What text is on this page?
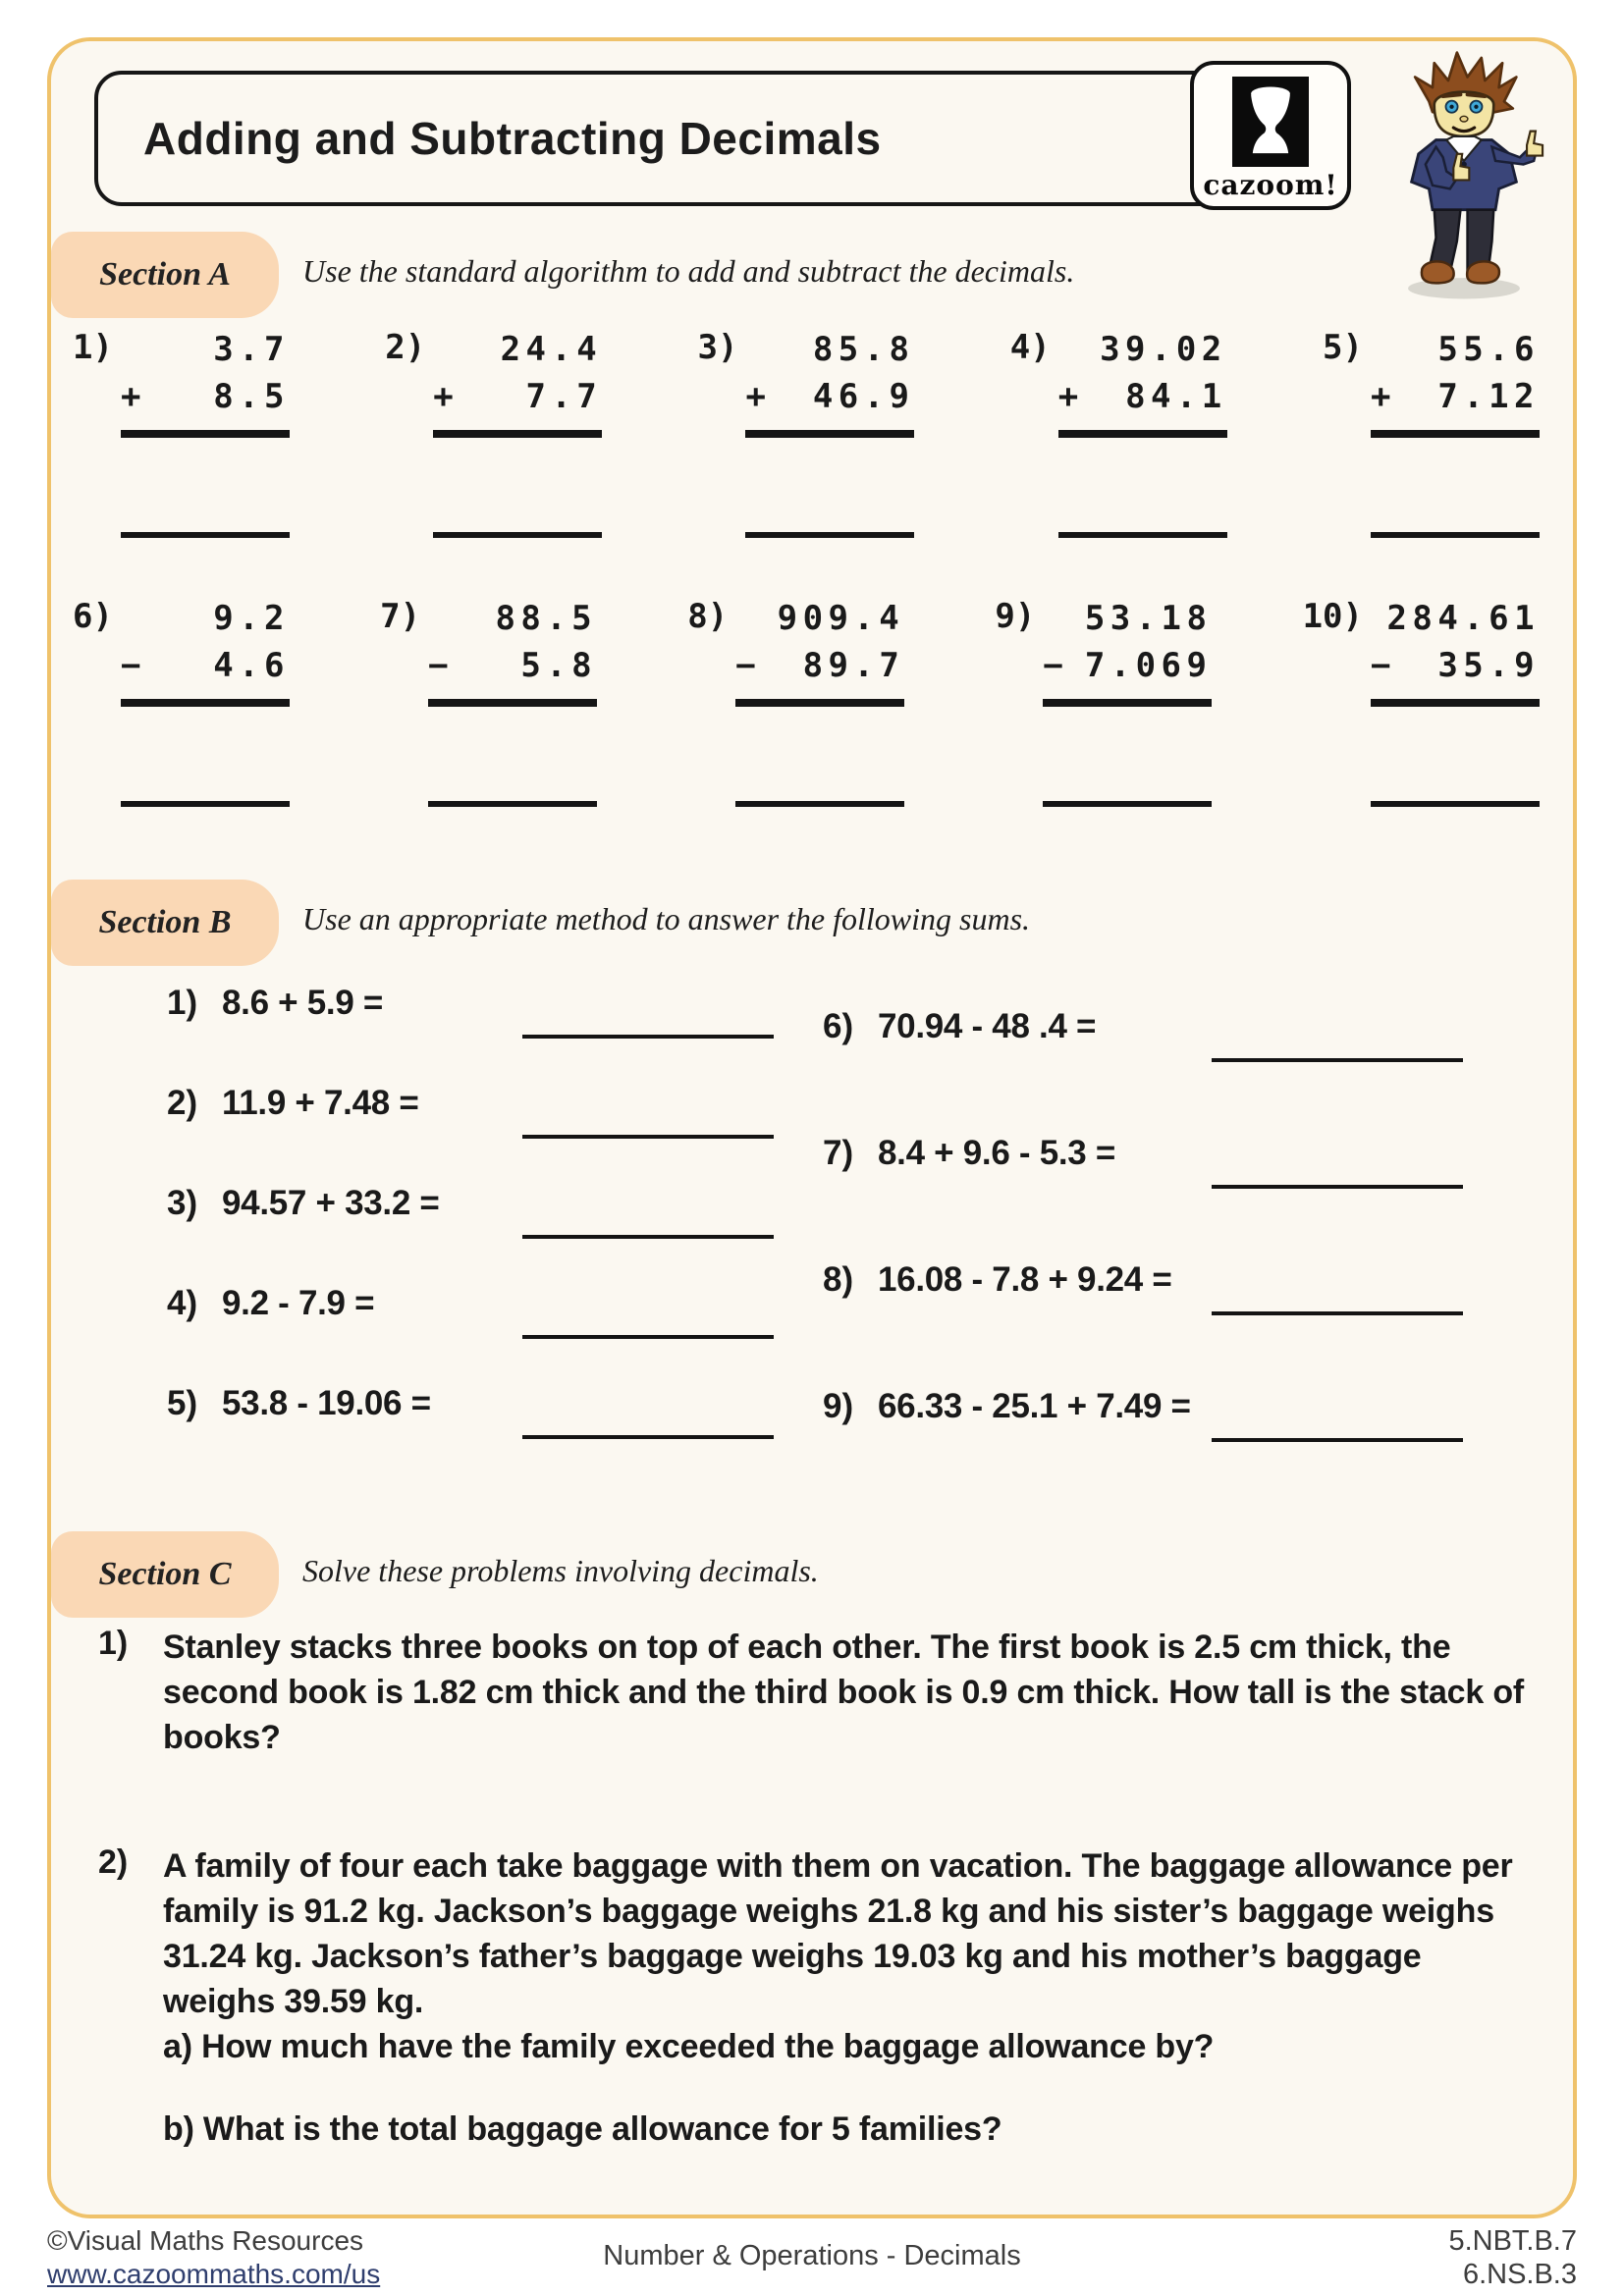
Adding and Subtracting Decimals
cazoom!
Section A	Use the standard algorithm to add and subtract the decimals.
1)	3.7
+ 8.5
2)	24.4
+ 7.7
3)	85.8
+ 46.9
4)	39.02
+ 84.1
5)	55.6
+ 7.12
6)	9.2
− 4.6
7)	88.5
− 5.8
8)	909.4
− 89.7
9)	53.18
− 7.069
10) 284.61
− 35.9
Section B	Use an appropriate method to answer the following sums.
1) 8.6 + 5.9 =
2) 11.9 + 7.48 =
3) 94.57 + 33.2 =
4) 9.2 - 7.9 =
5) 53.8 - 19.06 =
6) 70.94 - 48 .4 =
7) 8.4 + 9.6 - 5.3 =
8) 16.08 - 7.8 + 9.24 =
9) 66.33 - 25.1 + 7.49 =
Section C	Solve these problems involving decimals.
1)	Stanley stacks three books on top of each other. The first book is 2.5 cm thick, the second book is 1.82 cm thick and the third book is 0.9 cm thick. How tall is the stack of books?
2)	A family of four each take baggage with them on vacation. The baggage allowance per family is 91.2 kg. Jackson’s baggage weighs 21.8 kg and his sister’s baggage weighs 31.24 kg. Jackson’s father’s baggage weighs 19.03 kg and his mother’s baggage weighs 39.59 kg.
a) How much have the family exceeded the baggage allowance by?
b) What is the total baggage allowance for 5 families?
©Visual Maths Resources
www.cazoommaths.com/us
Number & Operations - Decimals	5.NBT.B.7
6.NS.B.3
